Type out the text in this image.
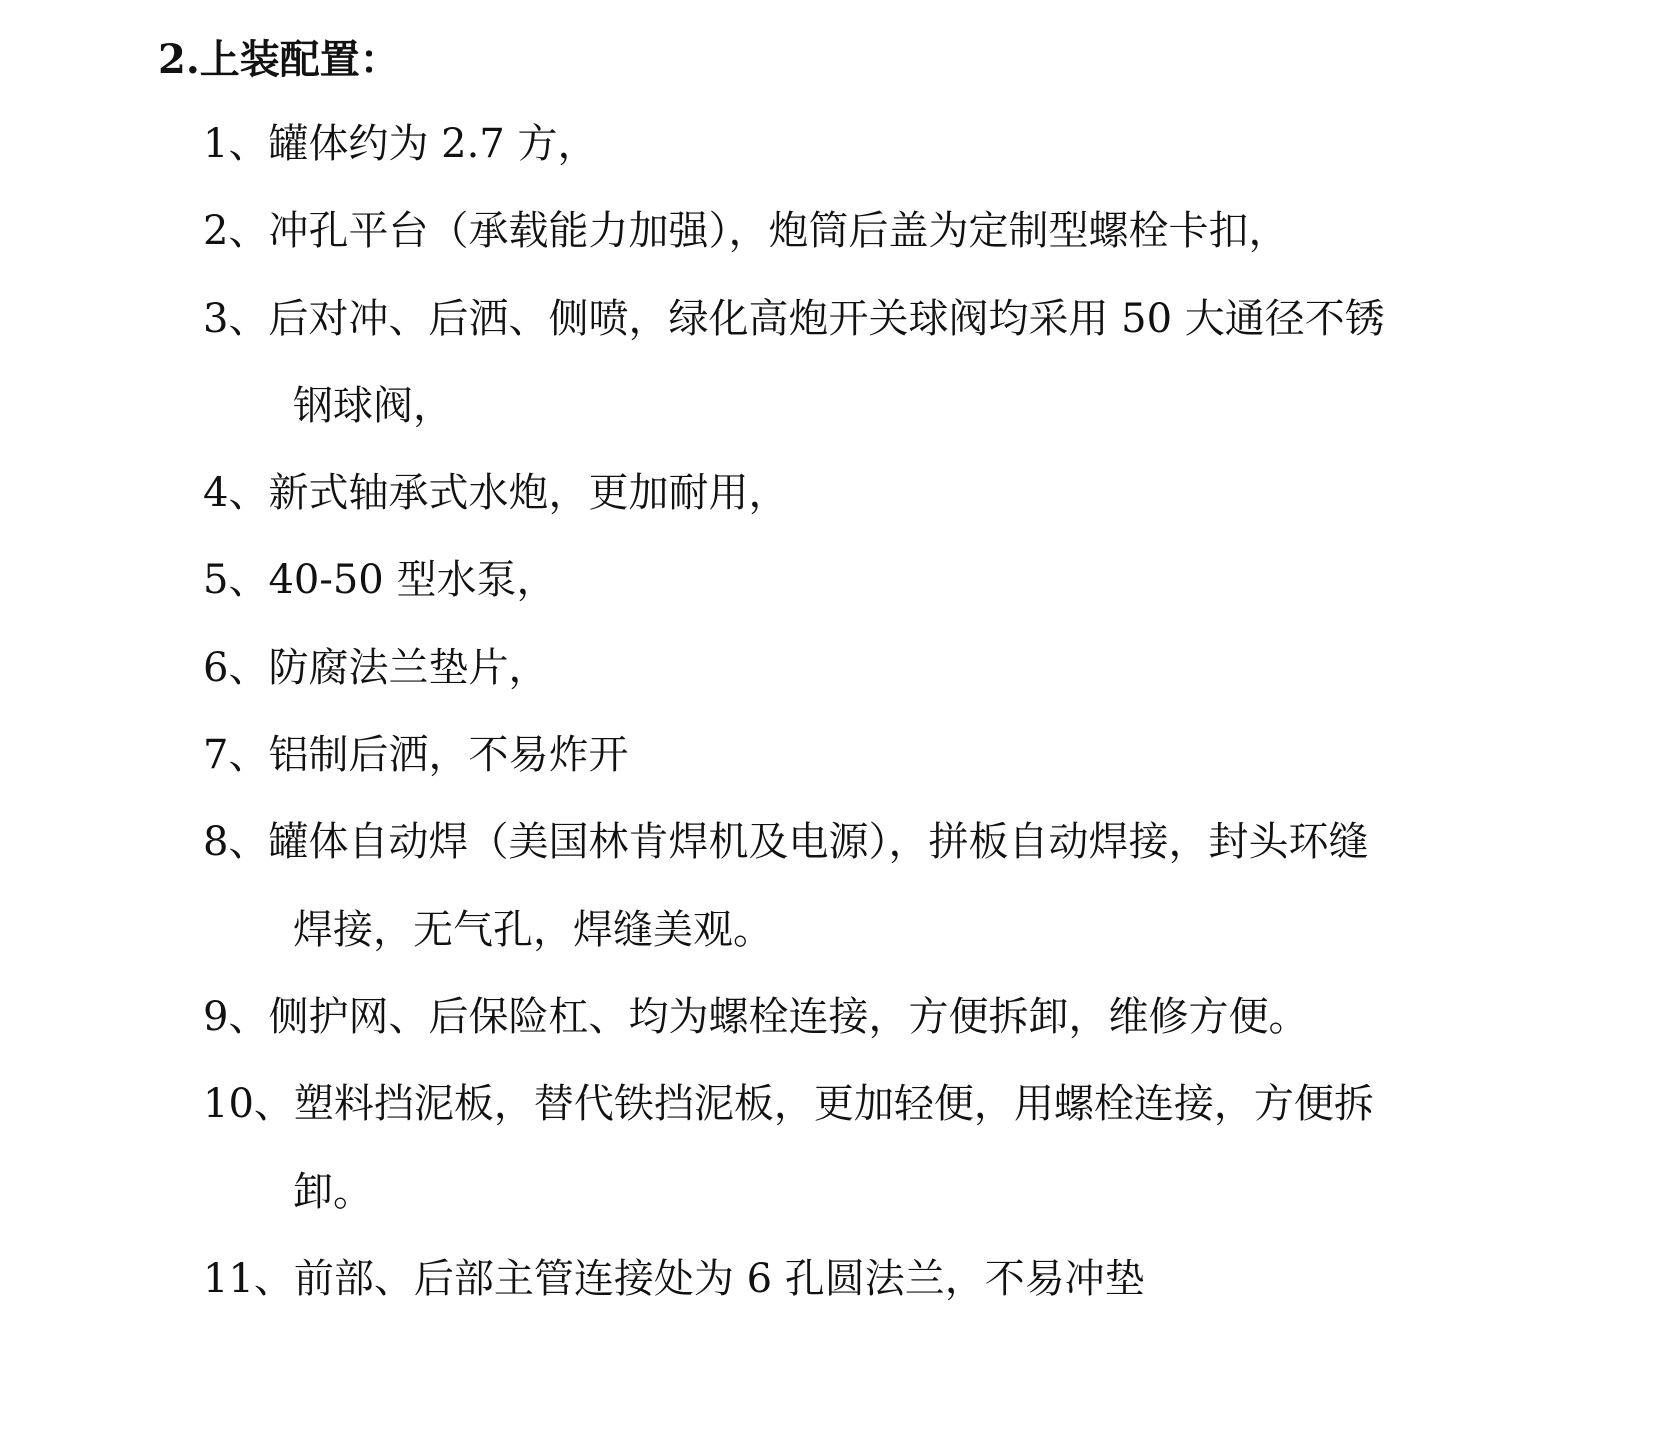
2.上装配置：
1、罐体约为 2.7 方，
2、冲孔平台（承载能力加强），炮筒后盖为定制型螺栓卡扣，
3、后对冲、后洒、侧喷，绿化高炮开关球阀均采用 50 大通径不锈
钢球阀，
4、新式轴承式水炮，更加耐用，
5、40-50 型水泵，
6、防腐法兰垫片，
7、铝制后洒，不易炸开
8、罐体自动焊（美国林肯焊机及电源），拼板自动焊接，封头环缝
焊接，无气孔，焊缝美观。
9、侧护网、后保险杠、均为螺栓连接，方便拆卸，维修方便。
10、塑料挡泥板，替代铁挡泥板，更加轻便，用螺栓连接，方便拆
卸。
11、前部、后部主管连接处为 6 孔圆法兰，不易冲垫
